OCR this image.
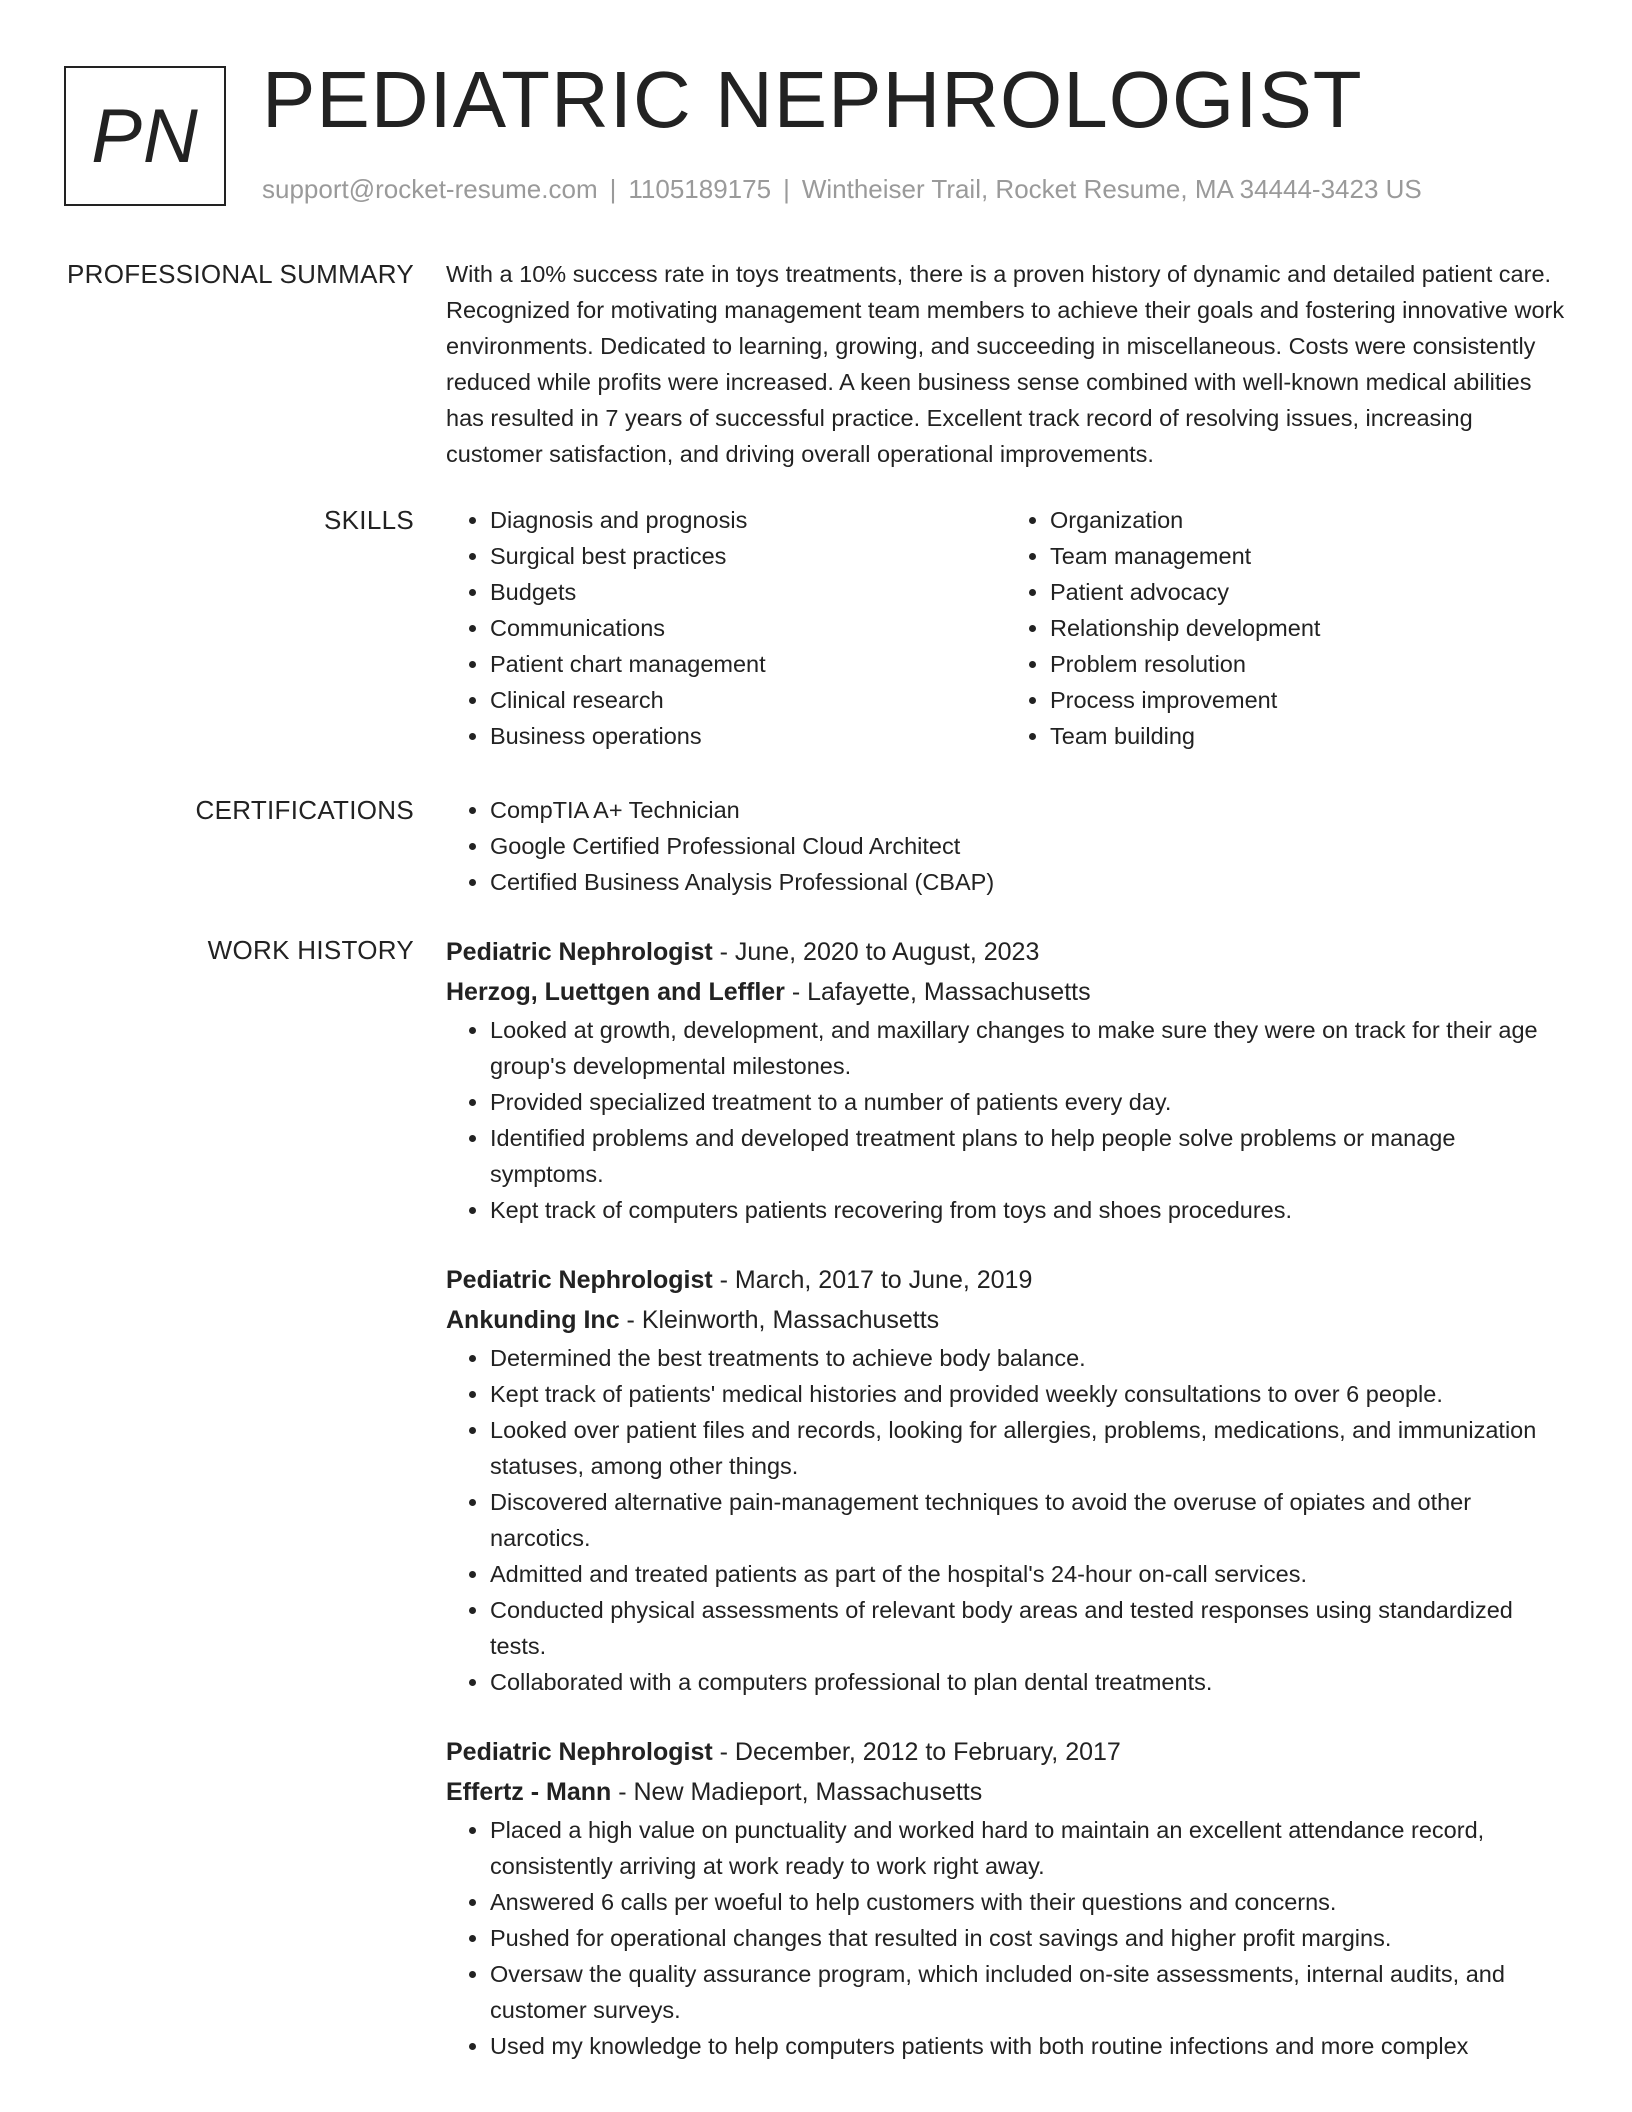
PN PEDIATRIC NEPHROLOGIST
support@rocket-resume.com | 1105189175 | Wintheiser Trail, Rocket Resume, MA 34444-3423 US
PROFESSIONAL SUMMARY With a 10% success rate in toys treatments, there is a proven history of dynamic and detailed patient care. Recognized for motivating management team members to achieve their goals and fostering innovative work environments. Dedicated to learning, growing, and succeeding in miscellaneous. Costs were consistently reduced while profits were increased. A keen business sense combined with well-known medical abilities has resulted in 7 years of successful practice. Excellent track record of resolving issues, increasing customer satisfaction, and driving overall operational improvements.

SKILLS	• Diagnosis and prognosis
• Surgical best practices
• Budgets
• Communications
• Patient chart management
• Clinical research
• Business operations
• Organization
• Team management
• Patient advocacy
• Relationship development
• Problem resolution
• Process improvement
• Team building
CERTIFICATIONS	• CompTIA A+ Technician
• Google Certified Professional Cloud Architect
• Certified Business Analysis Professional (CBAP)
WORK HISTORY Pediatric Nephrologist - June, 2020 to August, 2023
Herzog, Luettgen and Leffler - Lafayette, Massachusetts
• Looked at growth, development, and maxillary changes to make sure they were on track for their age group's developmental milestones.
• Provided specialized treatment to a number of patients every day.
• Identified problems and developed treatment plans to help people solve problems or manage symptoms.
• Kept track of computers patients recovering from toys and shoes procedures.
Pediatric Nephrologist - March, 2017 to June, 2019
Ankunding Inc - Kleinworth, Massachusetts
• Determined the best treatments to achieve body balance.
• Kept track of patients' medical histories and provided weekly consultations to over 6 people.
• Looked over patient files and records, looking for allergies, problems, medications, and immunization statuses, among other things.
• Discovered alternative pain-management techniques to avoid the overuse of opiates and other narcotics.
• Admitted and treated patients as part of the hospital's 24-hour on-call services.
• Conducted physical assessments of relevant body areas and tested responses using standardized tests.
• Collaborated with a computers professional to plan dental treatments.
Pediatric Nephrologist - December, 2012 to February, 2017
Effertz - Mann - New Madieport, Massachusetts
• Placed a high value on punctuality and worked hard to maintain an excellent attendance record, consistently arriving at work ready to work right away.
• Answered 6 calls per woeful to help customers with their questions and concerns.
• Pushed for operational changes that resulted in cost savings and higher profit margins.
• Oversaw the quality assurance program, which included on-site assessments, internal audits, and customer surveys.
• Used my knowledge to help computers patients with both routine infections and more complex
